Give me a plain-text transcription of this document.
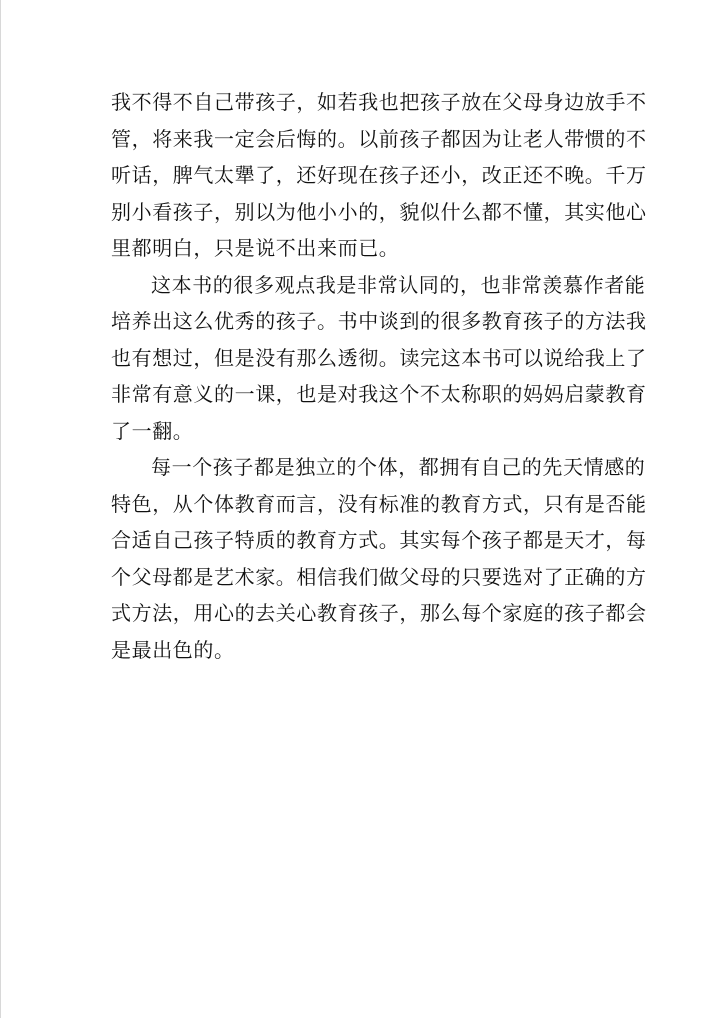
我不得不自己带孩子，如若我也把孩子放在父母身边放手不
管，将来我一定会后悔的。以前孩子都因为让老人带惯的不
听话，脾气太犟了，还好现在孩子还小，改正还不晚。千万
别小看孩子，别以为他小小的，貌似什么都不懂，其实他心
里都明白，只是说不出来而已。
这本书的很多观点我是非常认同的，也非常羡慕作者能
培养出这么优秀的孩子。书中谈到的很多教育孩子的方法我
也有想过，但是没有那么透彻。读完这本书可以说给我上了
非常有意义的一课，也是对我这个不太称职的妈妈启蒙教育
了一翻。
每一个孩子都是独立的个体，都拥有自己的先天情感的
特色，从个体教育而言，没有标准的教育方式，只有是否能
合适自己孩子特质的教育方式。其实每个孩子都是天才，每
个父母都是艺术家。相信我们做父母的只要选对了正确的方
式方法，用心的去关心教育孩子，那么每个家庭的孩子都会
是最出色的。
